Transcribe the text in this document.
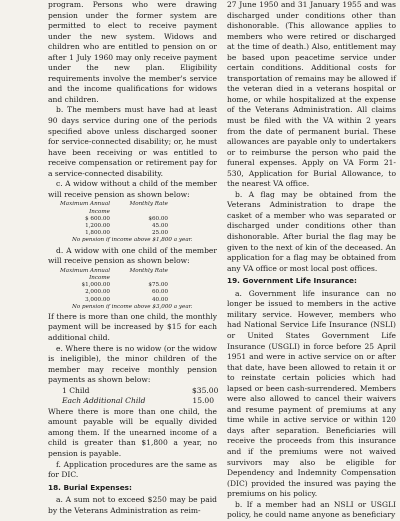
program. Persons who were drawing pension under the former system are permitted to elect to receive payment under the new system. Widows and children who are entitled to pension on or after 1 July 1960 may only receive payment under the new plan. Eligibility requirements involve the member's service and the income qualifications for widows and children.

b. The members must have had at least 90 days service during one of the periods specified above unless discharged sooner for service-connected disability; or, he must have been receiving or was entitled to receive compensation or retirement pay for a service-connected disability.

c. A widow without a child of the member will receive pension as shown below:

Maximum Annual Income
Monthly Rate
$ 600.00	$60.00
1,200.00	45.00
1,800.00	25.00
No pension if income above $1,800 a year.

d. A widow with one child of the member will receive pension as shown below:

Maximum Annual Income
Monthly Rate
$1,000.00	$75.00
2,000.00	60.00
3,000.00	40.00
No pension if income above $3,000 a year.

If there is more than one child, the monthly payment will be increased by $15 for each additional child.

e. Where there is no widow (or the widow is ineligible), the minor children of the member may receive monthly pension payments as shown below:

1 Child	$35.00
Each Additional Child	15.00

Where there is more than one child, the amount payable will be equally divided among them. If the unearned income of a child is greater than $1,800 a year, no pension is payable.

f. Application procedures are the same as for DIC.

18. Burial Expenses:

a. A sum not to exceed $250 may be paid by the Veterans Administration as reim-

27 June 1950 and 31 January 1955 and was discharged under conditions other than dishonorable. (This allowance applies to members who were retired or discharged at the time of death.) Also, entitlement may be based upon peacetime service under certain conditions. Additional costs for transportation of remains may be allowed if the veteran died in a veterans hospital or home, or while hospitalized at the expense of the Veterans Administration. All claims must be filed with the VA within 2 years from the date of permanent burial. These allowances are payable only to undertakers or to reimburse the person who paid the funeral expenses. Apply on VA Form 21-530, Application for Burial Allowance, to the nearest VA office.

b. A flag may be obtained from the Veterans Administration to drape the casket of a member who was separated or discharged under conditions other than dishonorable. After burial the flag may be given to the next of kin of the deceased. An application for a flag may be obtained from any VA office or most local post offices.

19. Government Life Insurance:

a. Government life insurance can no longer be issued to members in the active military service. However, members who had National Service Life Insurance (NSLI) or United States Government Life Insurance (USGLI) in force before 25 April 1951 and were in active service on or after that date, have been allowed to retain it or to reinstate certain policies which had lapsed or been cash-surrendered. Members were also allowed to cancel their waivers and resume payment of premiums at any time while in active service or within 120 days after separation. Beneficiaries will receive the proceeds from this insurance and if the premiums were not waived survivors may also be eligible for Dependency and Indemnity Compensation (DIC) provided the insured was paying the premiums on his policy.

b. If a member had an NSLI or USGLI policy, he could name anyone as beneficiary
